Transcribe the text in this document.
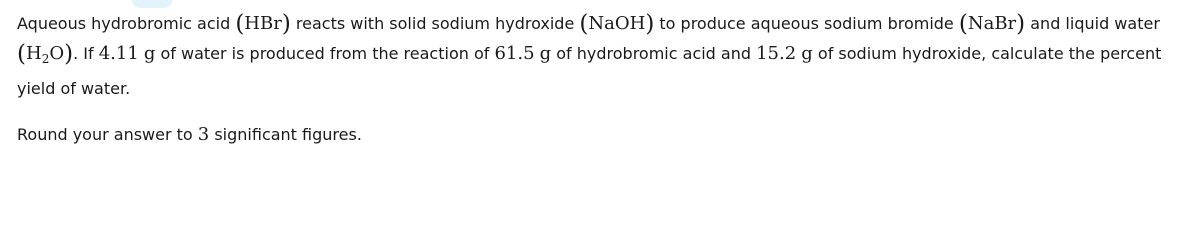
Aqueous hydrobromic acid (HBr) reacts with solid sodium hydroxide (NaOH) to produce aqueous sodium bromide (NaBr) and liquid water $(H_2O)$. If 4.11 g of water is produced from the reaction of 61.5 g of hydrobromic acid and 15.2 g of sodium hydroxide, calculate the percent yield of water.

Round your answer to 3 significant figures.
